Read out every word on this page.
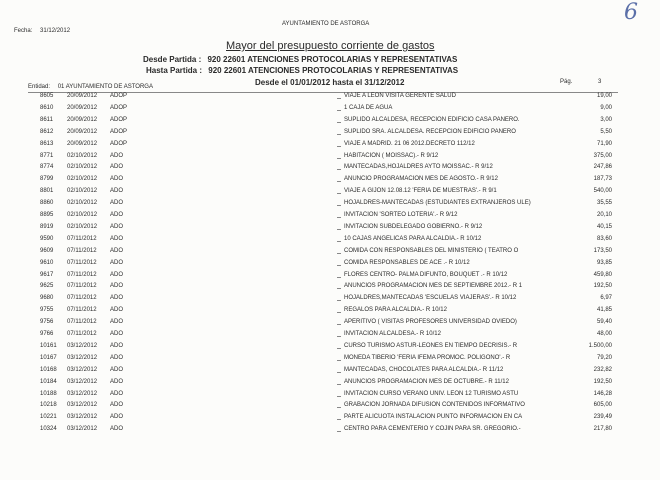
Fecha: 31/12/2012
AYUNTAMIENTO DE ASTORGA	6
Mayor del presupuesto corriente de gastos
Desde Partida : 920 22601 ATENCIONES PROTOCOLARIAS Y REPRESENTATIVAS
Hasta Partida : 920 22601 ATENCIONES PROTOCOLARIAS Y REPRESENTATIVAS
Desde el 01/01/2012 hasta el 31/12/2012
Entidad: 01 AYUNTAMIENTO DE ASTORGA
Pág.	3
8605 20/09/2012 ADOP	VIAJE A LEON VISITA GERENTE SALUD	19,00
8610 20/09/2012 ADOP	1 CAJA DE AGUA	9,00
8611 20/09/2012 ADOP	SUPLIDO ALCALDESA, RECEPCION EDIFICIO CASA PANERO.	3,00
8612 20/09/2012 ADOP	SUPLIDO SRA. ALCALDESA. RECEPCION EDIFICIO PANERO	5,50
8613 20/09/2012 ADOP	VIAJE A MADRID. 21 06 2012.DECRETO 112/12	71,90
8771 02/10/2012 ADO	HABITACION ( MOISSAC).- R 9/12	375,00
8774 02/10/2012 ADO	MANTECADAS,HOJALDRES AYTO MOISSAC.- R 9/12	247,86
8799 02/10/2012 ADO	ANUNCIO PROGRAMACION MES DE AGOSTO.- R 9/12	187,73
8801 02/10/2012 ADO	VIAJE A GIJON 12.08.12 'FERIA DE MUESTRAS'.- R 9/1	540,00
8860 02/10/2012 ADO	HOJALDRES-MANTECADAS (ESTUDIANTES EXTRANJEROS ULE)	35,55
8895 02/10/2012 ADO	INVITACION 'SORTEO LOTERIA'.- R 9/12	20,10
8919 02/10/2012 ADO	INVITACION SUBDELEGADO GOBIERNO.- R 9/12	40,15
9590 07/11/2012 ADO	10 CAJAS ANGELICAS PARA ALCALDIA.- R 10/12	83,60
9609 07/11/2012 ADO	COMIDA CON RESPONSABLES DEL MINISTERIO ( TEATRO O	173,50
9610 07/11/2012 ADO	COMIDA RESPONSABLES DE ACE .- R 10/12	93,85
9617 07/11/2012 ADO	FLORES CENTRO- PALMA DIFUNTO, BOUQUET .- R 10/12	459,80
9625 07/11/2012 ADO	ANUNCIOS PROGRAMACION MES DE SEPTIEMBRE 2012.- R 1	192,50
9680 07/11/2012 ADO	HOJALDRES,MANTECADAS 'ESCUELAS VIAJERAS'.- R 10/12	6,97
9755 07/11/2012 ADO	REGALOS PARA ALCALDIA.- R 10/12	41,85
9756 07/11/2012 ADO	APERITIVO ( VISITAS PROFESORES UNIVERSIDAD OVIEDO)	59,40
9766 07/11/2012 ADO	INVITACION ALCALDESA.- R 10/12	48,00
10161 03/12/2012 ADO	CURSO TURISMO ASTUR-LEONES EN TIEMPO DECRISIS.- R	1.500,00
10167 03/12/2012 ADO	MONEDA TIBERIO 'FERIA IFEMA PROMOC. POLIGONO'.- R	79,20
10168 03/12/2012 ADO	MANTECADAS, CHOCOLATES PARA ALCALDIA.- R 11/12	232,82
10184 03/12/2012 ADO	ANUNCIOS PROGRAMACION MES DE OCTUBRE.- R 11/12	192,50
10188 03/12/2012 ADO	INVITACION CURSO VERANO UNIV. LEON 12 TURISMO ASTU	146,28
10218 03/12/2012 ADO	GRABACION JORNADA DIFUSION CONTENIDOS INFORMATIVO	605,00
10221 03/12/2012 ADO	PARTE ALICUOTA INSTALACION PUNTO INFORMACION EN CA	239,49
10324 03/12/2012 ADO	CENTRO PARA CEMENTERIO Y COJIN PARA SR. GREGORIO.-	217,80
